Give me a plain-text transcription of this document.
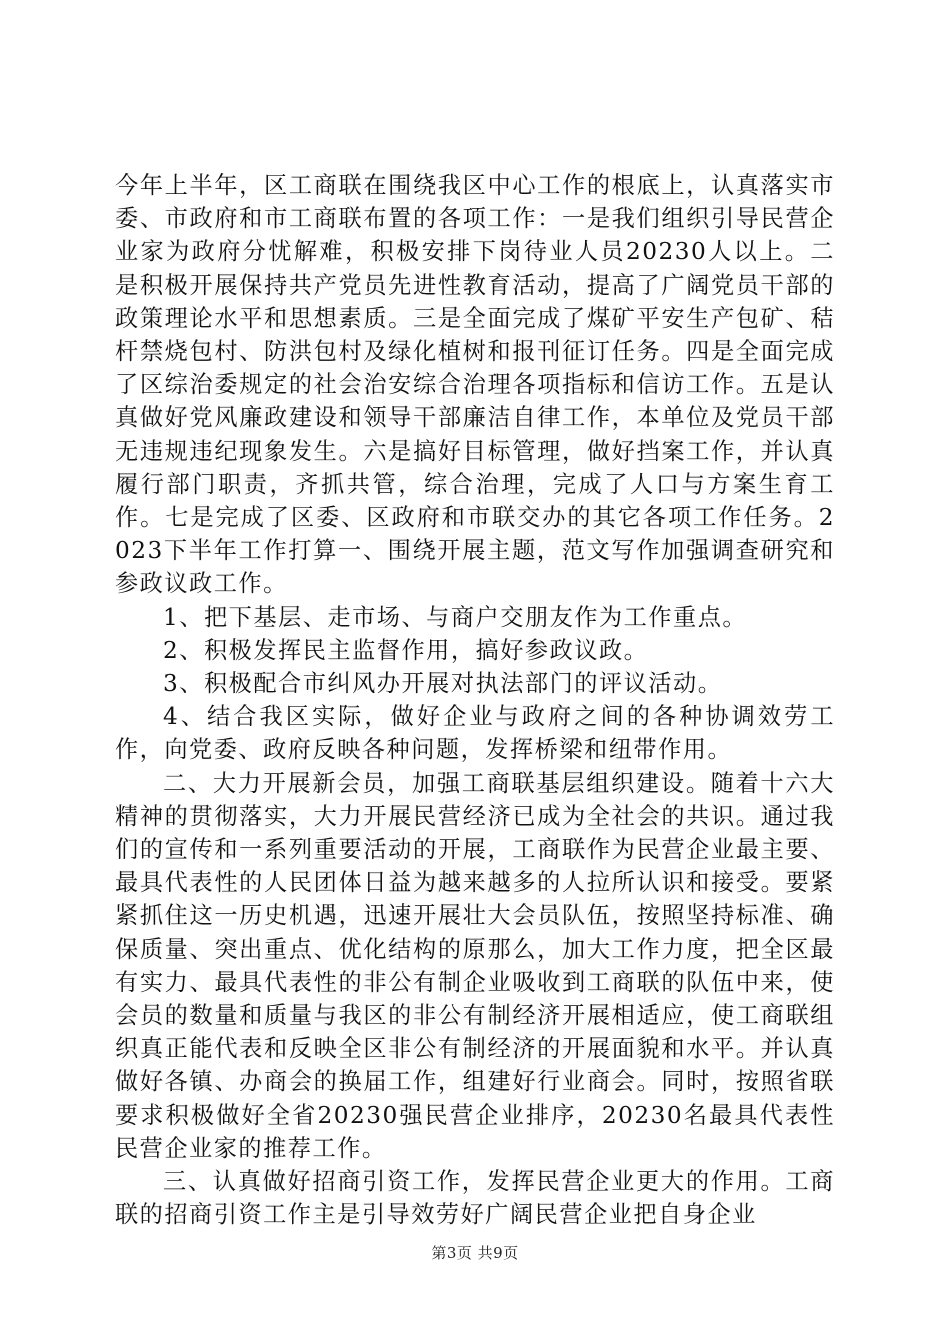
今年上半年，区工商联在围绕我区中心工作的根底上，认真落实市委、市政府和市工商联布置的各项工作：一是我们组织引导民营企业家为政府分忧解难，积极安排下岗待业人员20230人以上。二是积极开展保持共产党员先进性教育活动，提高了广阔党员干部的政策理论水平和思想素质。三是全面完成了煤矿平安生产包矿、秸杆禁烧包村、防洪包村及绿化植树和报刊征订任务。四是全面完成了区综治委规定的社会治安综合治理各项指标和信访工作。五是认真做好党风廉政建设和领导干部廉洁自律工作，本单位及党员干部无违规违纪现象发生。六是搞好目标管理，做好挡案工作，并认真履行部门职责，齐抓共管，综合治理，完成了人口与方案生育工作。七是完成了区委、区政府和市联交办的其它各项工作任务。2023下半年工作打算一、围绕开展主题，范文写作加强调查研究和参政议政工作。

1、把下基层、走市场、与商户交朋友作为工作重点。

2、积极发挥民主监督作用，搞好参政议政。

3、积极配合市纠风办开展对执法部门的评议活动。

4、结合我区实际，做好企业与政府之间的各种协调效劳工作，向党委、政府反映各种问题，发挥桥梁和纽带作用。

二、大力开展新会员，加强工商联基层组织建设。随着十六大精神的贯彻落实，大力开展民营经济已成为全社会的共识。通过我们的宣传和一系列重要活动的开展，工商联作为民营企业最主要、最具代表性的人民团体日益为越来越多的人拉所认识和接受。要紧紧抓住这一历史机遇，迅速开展壮大会员队伍，按照坚持标准、确保质量、突出重点、优化结构的原那么，加大工作力度，把全区最有实力、最具代表性的非公有制企业吸收到工商联的队伍中来，使会员的数量和质量与我区的非公有制经济开展相适应，使工商联组织真正能代表和反映全区非公有制经济的开展面貌和水平。并认真做好各镇、办商会的换届工作，组建好行业商会。同时，按照省联要求积极做好全省20230强民营企业排序，20230名最具代表性民营企业家的推荐工作。

三、认真做好招商引资工作，发挥民营企业更大的作用。工商联的招商引资工作主是引导效劳好广阔民营企业把自身企业

第3页 共9页
